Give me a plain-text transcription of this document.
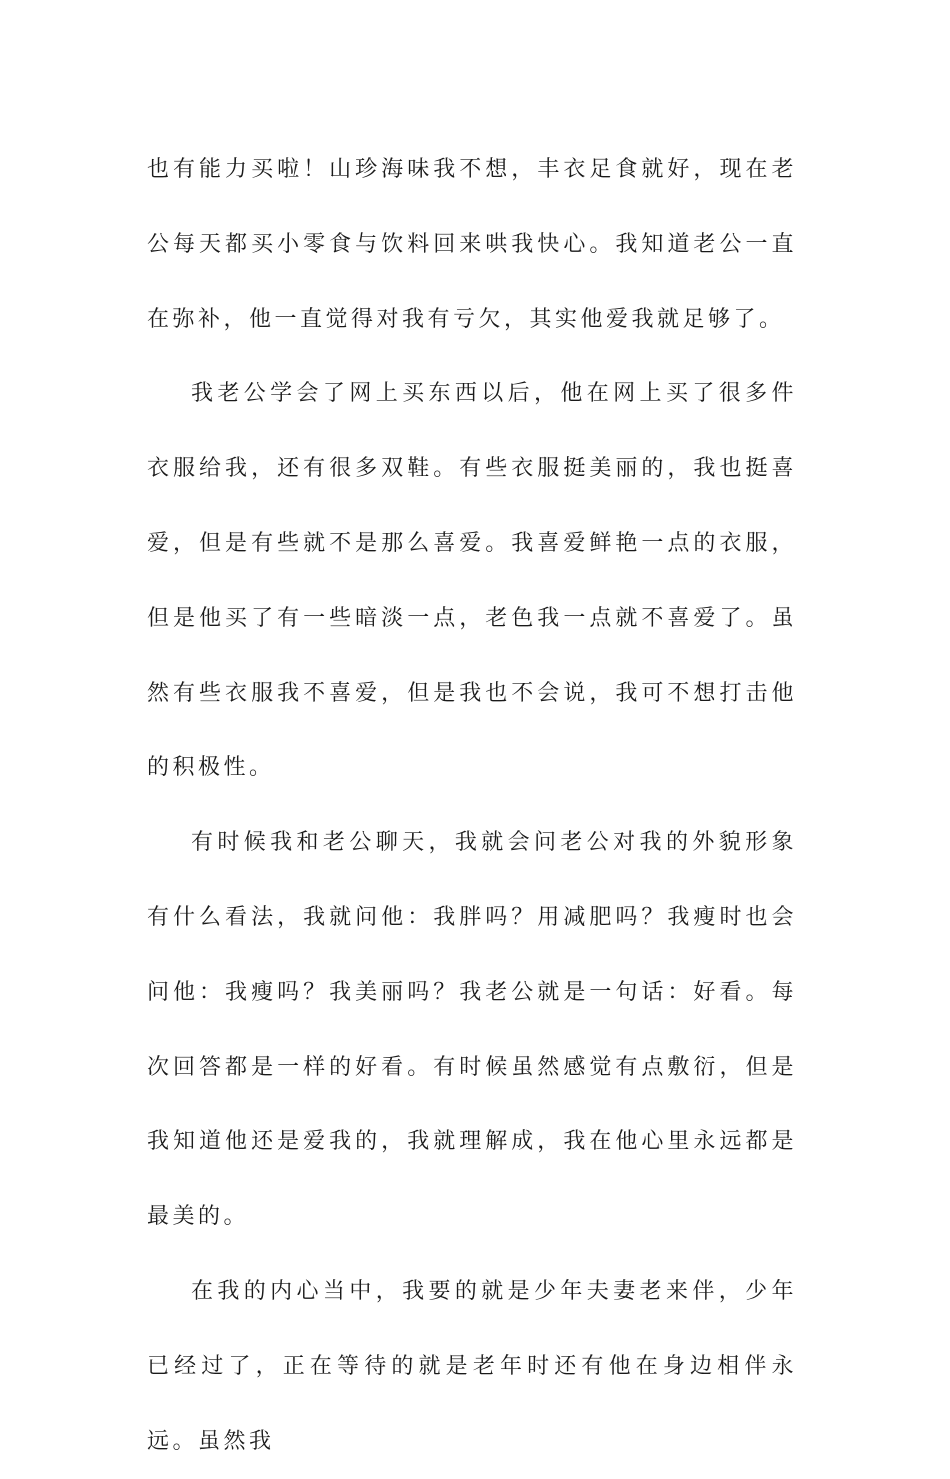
也有能力买啦！山珍海味我不想，丰衣足食就好，现在老公每天都买小零食与饮料回来哄我快心。我知道老公一直在弥补，他一直觉得对我有亏欠，其实他爱我就足够了。

我老公学会了网上买东西以后，他在网上买了很多件衣服给我，还有很多双鞋。有些衣服挺美丽的，我也挺喜爱，但是有些就不是那么喜爱。我喜爱鲜艳一点的衣服，但是他买了有一些暗淡一点，老色我一点就不喜爱了。虽然有些衣服我不喜爱，但是我也不会说，我可不想打击他的积极性。

有时候我和老公聊天，我就会问老公对我的外貌形象有什么看法，我就问他：我胖吗？用减肥吗？我瘦时也会问他：我瘦吗？我美丽吗？我老公就是一句话：好看。每次回答都是一样的好看。有时候虽然感觉有点敷衍，但是我知道他还是爱我的，我就理解成，我在他心里永远都是最美的。

在我的内心当中，我要的就是少年夫妻老来伴，少年已经过了，正在等待的就是老年时还有他在身边相伴永远。虽然我
